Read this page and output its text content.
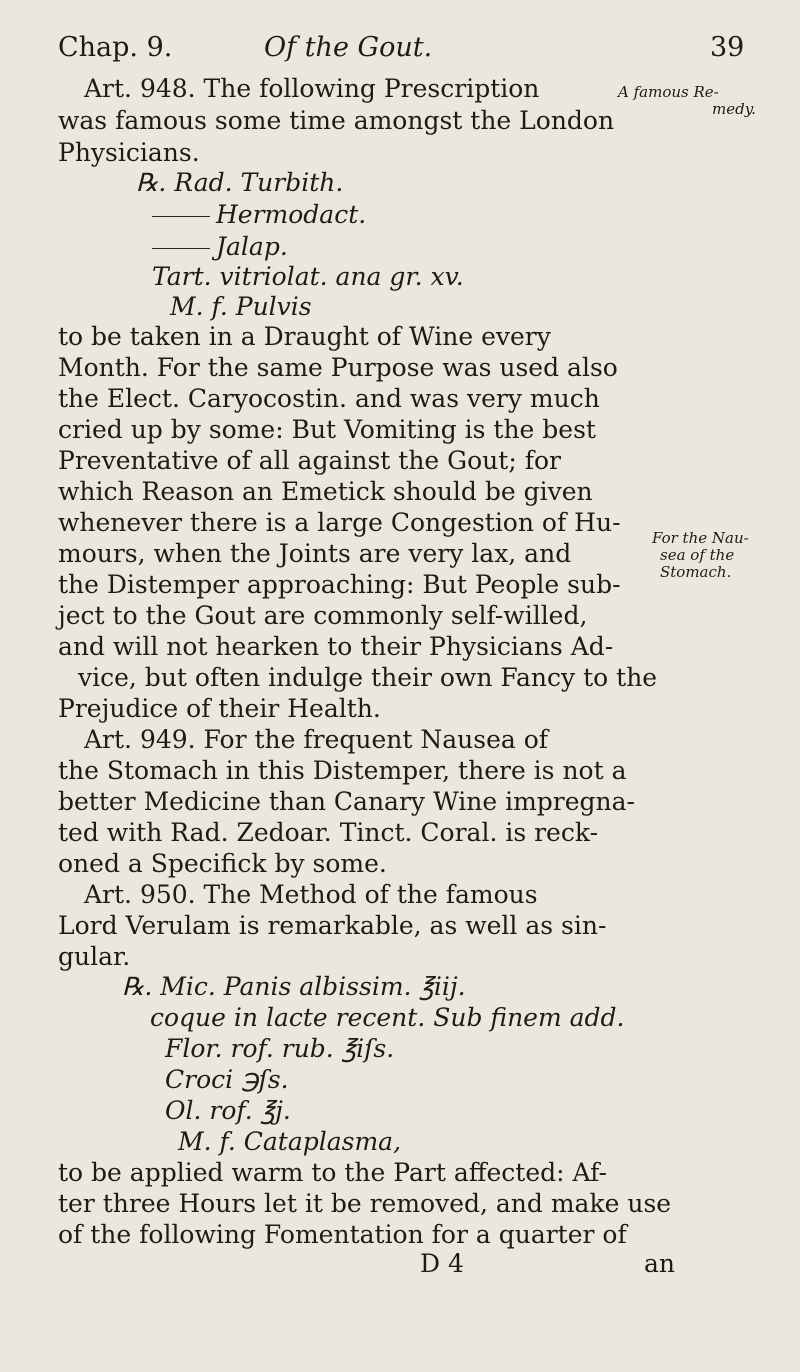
Chap. 9.	Of the Gout.	39
A famous Re-
medy.
For the Nau-
sea of the
Stomach.
Art. 948. The following Prescription
was famous some time amongst the London
Physicians.
℞. Rad. Turbith.
Hermodact.
Jalap.
Tart. vitriolat. ana gr. xv.
M. f. Pulvis
to be taken in a Draught of Wine every
Month. For the same Purpose was used also
the Elect. Caryocostin. and was very much
cried up by some: But Vomiting is the best
Preventative of all against the Gout; for
which Reason an Emetick should be given
whenever there is a large Congestion of Hu-
mours, when the Joints are very lax, and
the Distemper approaching: But People sub-
ject to the Gout are commonly self-willed,
and will not hearken to their Physicians Ad-
vice, but often indulge their own Fancy to the
Prejudice of their Health.
Art. 949. For the frequent Nausea of
the Stomach in this Distemper, there is not a
better Medicine than Canary Wine impregna-
ted with Rad. Zedoar. Tinct. Coral. is reck-
oned a Specifick by some.
Art. 950. The Method of the famous
Lord Verulam is remarkable, as well as sin-
gular.
℞. Mic. Panis albissim. ℥iij.
coque in lacte recent. Sub finem add.
Flor. rof. rub. ℥iſs.
Croci ℈ſs.
Ol. rof. ℥j.
M. f. Cataplasma,
to be applied warm to the Part affected: Af-
ter three Hours let it be removed, and make use
of the following Fomentation for a quarter of
D 4	an
